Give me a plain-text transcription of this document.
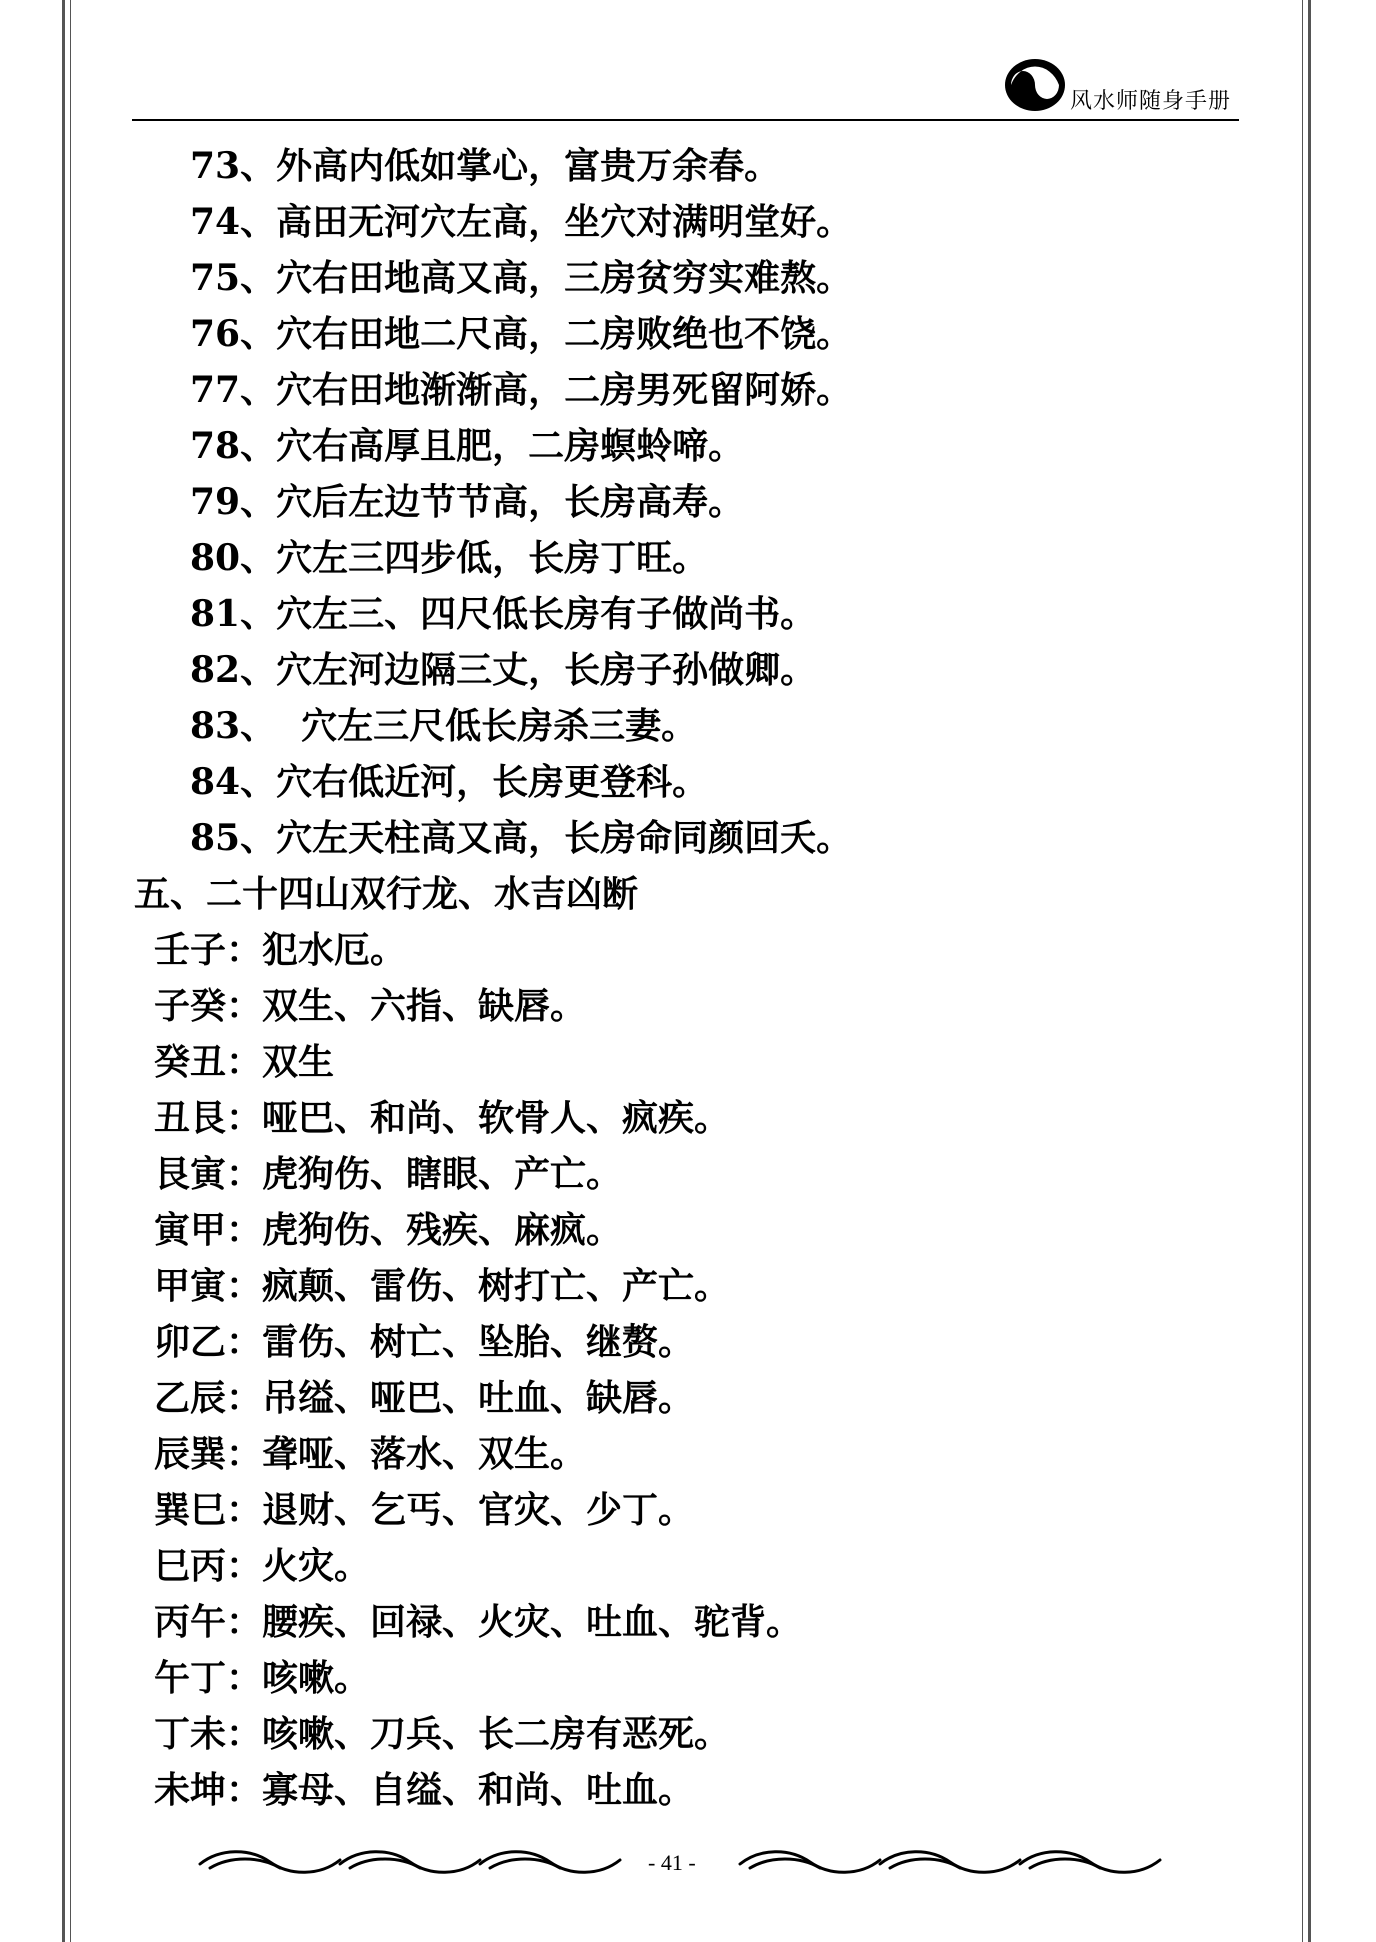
风水师随身手册
73、外高内低如掌心，富贵万余春。
74、高田无河穴左高，坐穴对满明堂好。
75、穴右田地高又高，三房贫穷实难熬。
76、穴右田地二尺高，二房败绝也不饶。
77、穴右田地渐渐高，二房男死留阿娇。
78、穴右高厚且肥，二房螟蛉啼。
79、穴后左边节节高，长房高寿。
80、穴左三四步低，长房丁旺。
81、穴左三、四尺低长房有子做尚书。
82、穴左河边隔三丈，长房子孙做卿。
83、  穴左三尺低长房杀三妻。
84、穴右低近河，长房更登科。
85、穴左天柱高又高，长房命同颜回夭。
五、二十四山双行龙、水吉凶断
壬子：犯水厄。
子癸：双生、六指、缺唇。
癸丑：双生
丑艮：哑巴、和尚、软骨人、疯疾。
艮寅：虎狗伤、瞎眼、产亡。
寅甲：虎狗伤、残疾、麻疯。
甲寅：疯颠、雷伤、树打亡、产亡。
卯乙：雷伤、树亡、坠胎、继赘。
乙辰：吊缢、哑巴、吐血、缺唇。
辰巽：聋哑、落水、双生。
巽巳：退财、乞丐、官灾、少丁。
巳丙：火灾。
丙午：腰疾、回禄、火灾、吐血、驼背。
午丁：咳嗽。
丁未：咳嗽、刀兵、长二房有恶死。
未坤：寡母、自缢、和尚、吐血。
- 41 -
